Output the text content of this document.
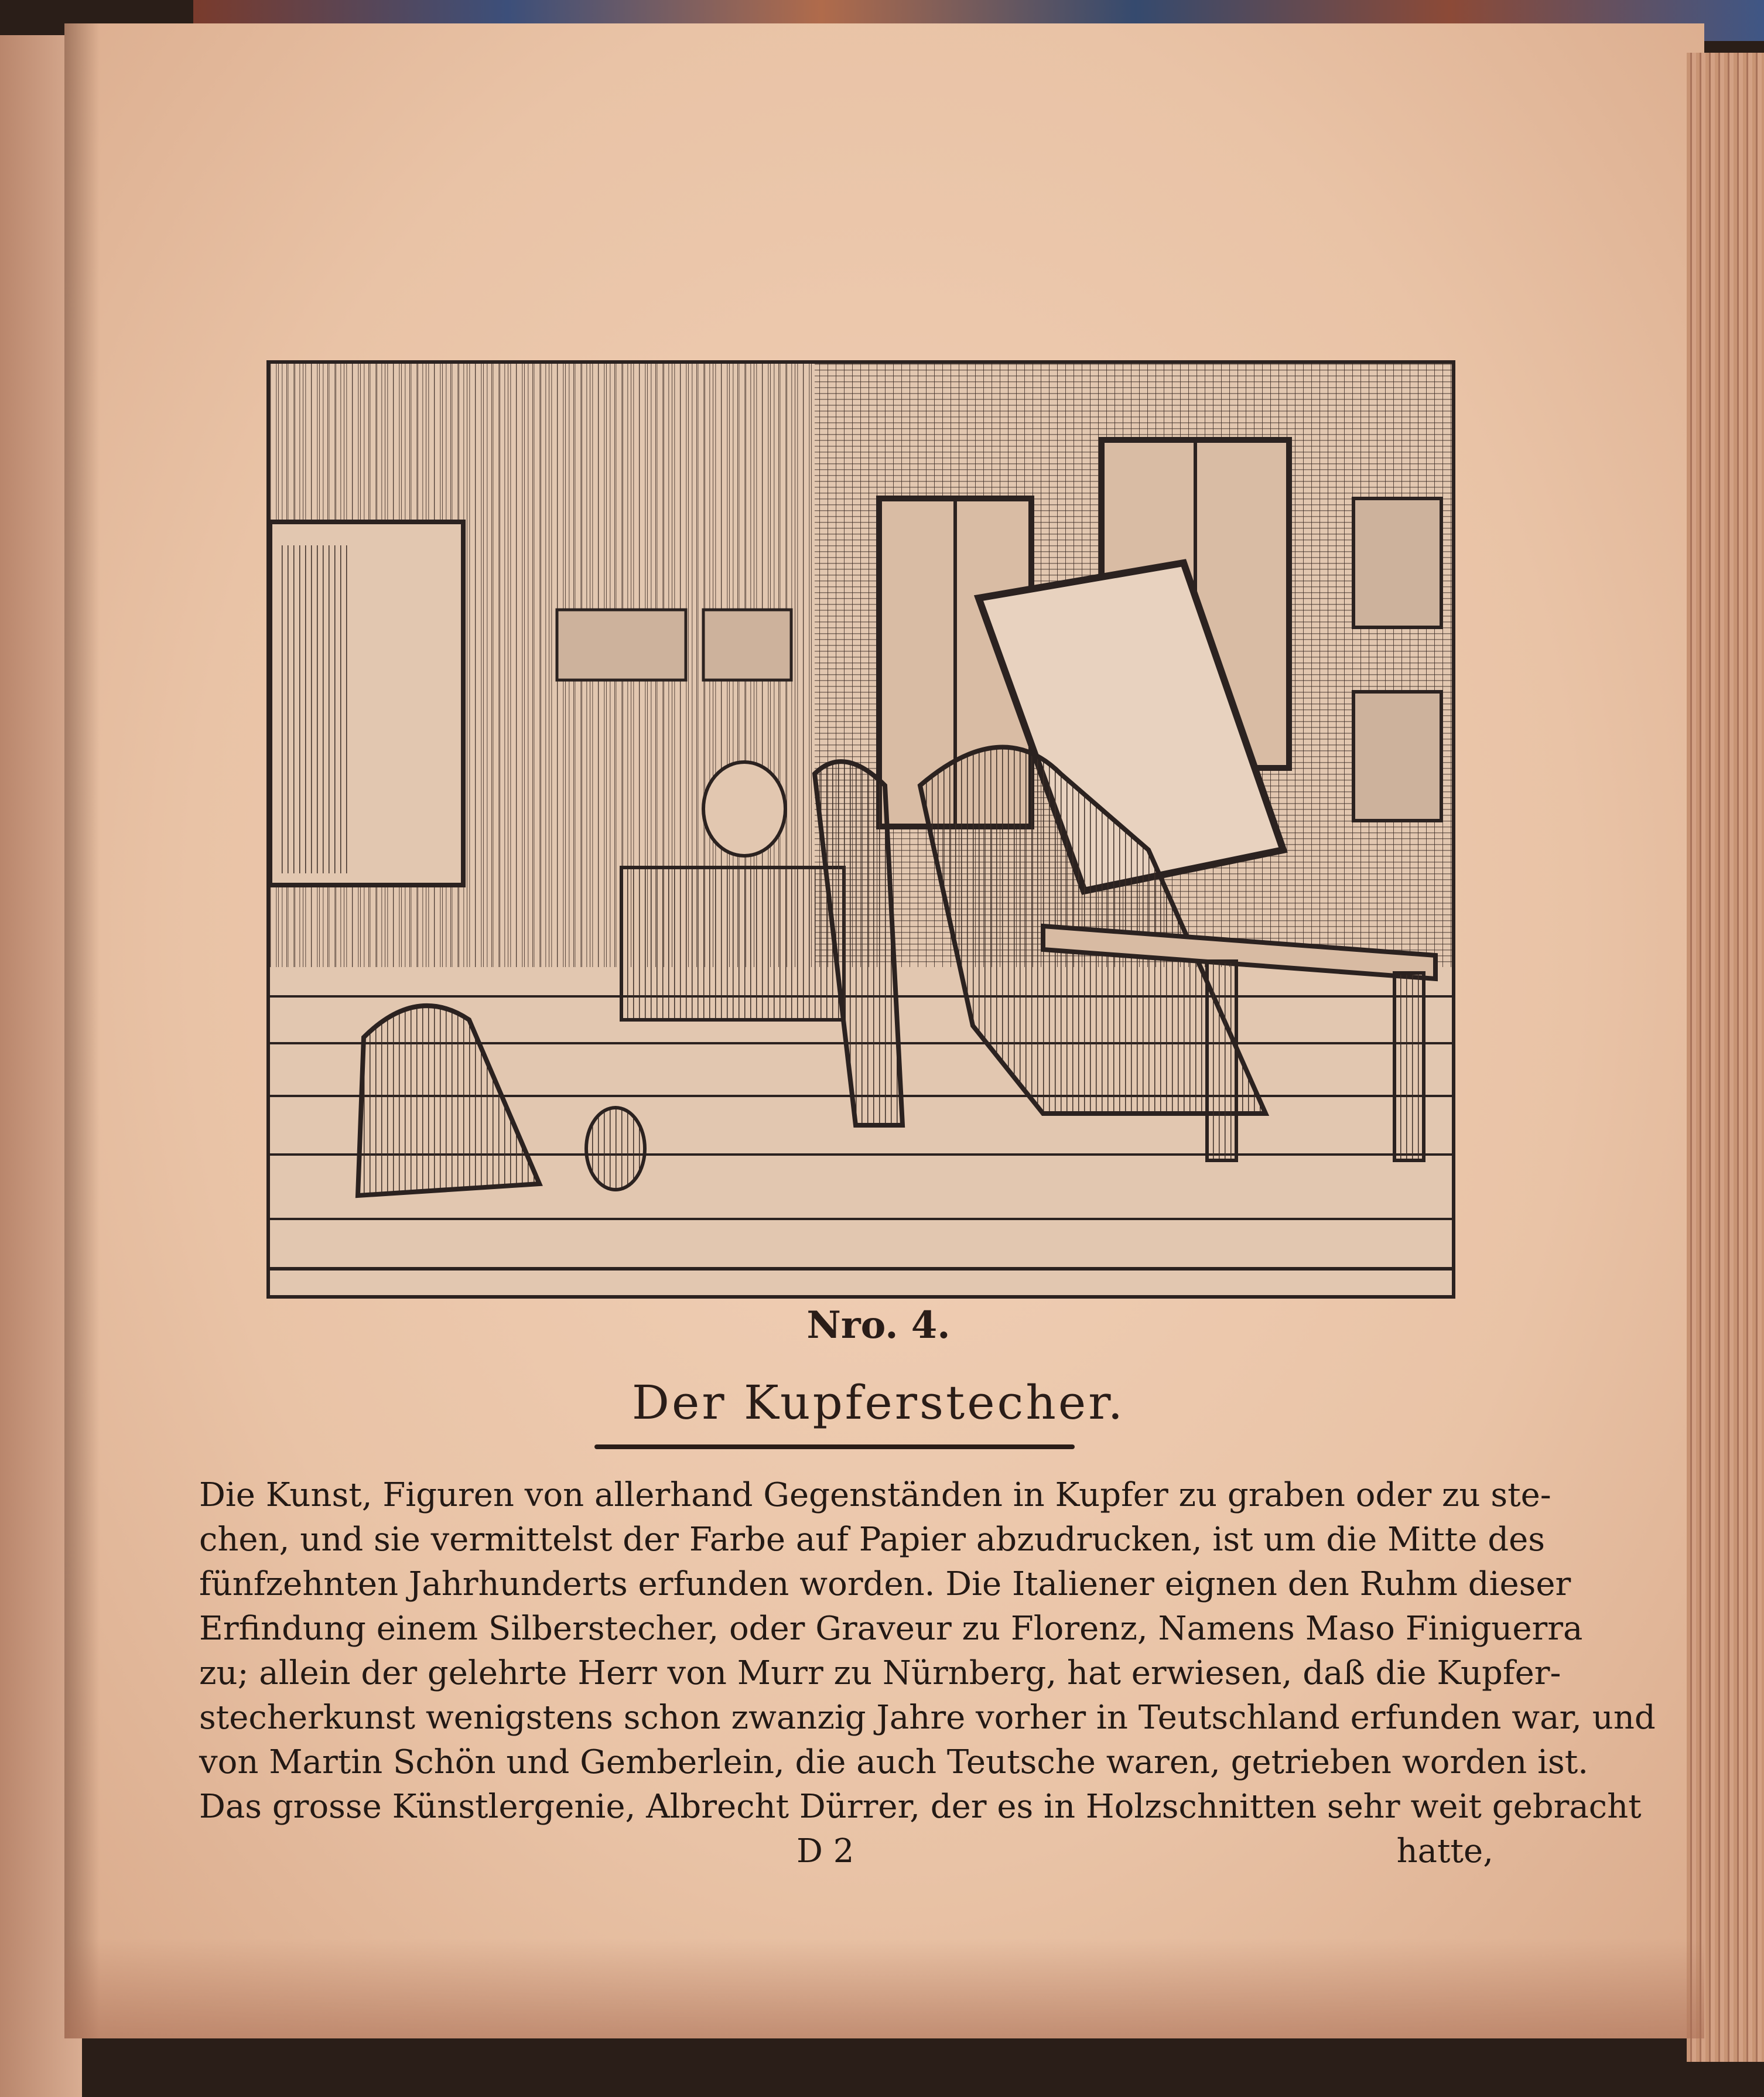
Nro. 4.
Der Kupferstecher.
Die Kunst, Figuren von allerhand Gegenständen in Kupfer zu graben oder zu ste-
chen, und sie vermittelst der Farbe auf Papier abzudrucken, ist um die Mitte des
fünfzehnten Jahrhunderts erfunden worden. Die Italiener eignen den Ruhm dieser
Erfindung einem Silberstecher, oder Graveur zu Florenz, Namens Maso Finiguerra
zu; allein der gelehrte Herr von Murr zu Nürnberg, hat erwiesen, daß die Kupfer-
stecherkunst wenigstens schon zwanzig Jahre vorher in Teutschland erfunden war, und
von Martin Schön und Gemberlein, die auch Teutsche waren, getrieben worden ist.
Das grosse Künstlergenie, Albrecht Dürrer, der es in Holzschnitten sehr weit gebracht
D 2	hatte,
